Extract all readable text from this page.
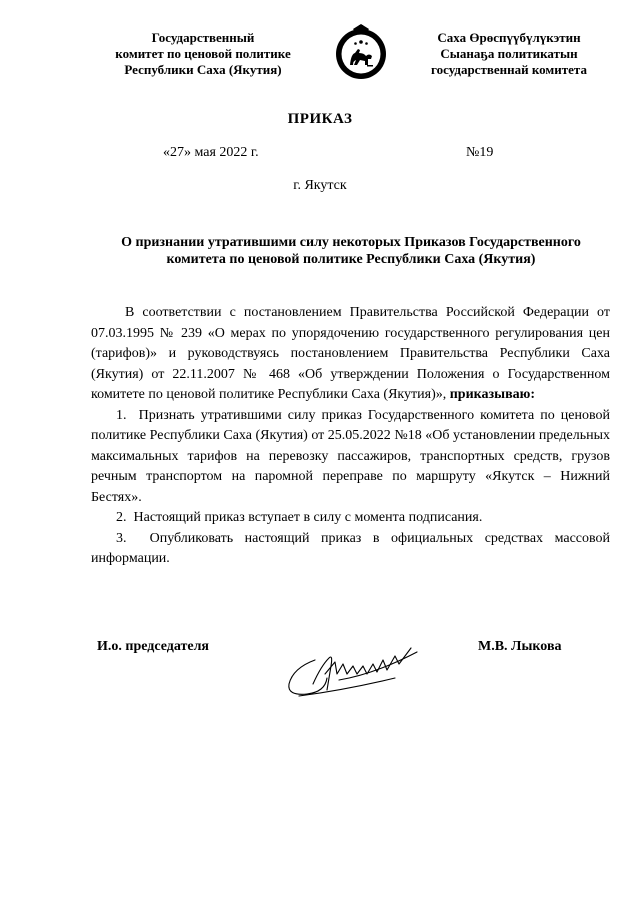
Государственный
комитет по ценовой политике
Республики Саха (Якутия)
Саха Өрөспүүбүлүкэтин
Сыанаҕа политикатын
государственнай комитета
ПРИКАЗ
«27» мая 2022 г.	№19
г. Якутск
О признании утратившими силу некоторых Приказов Государственного комитета по ценовой политике Республики Саха (Якутия)

В соответствии с постановлением Правительства Российской Федерации от 07.03.1995 № 239 «О мерах по упорядочению государственного регулирования цен (тарифов)» и руководствуясь постановлением Правительства Республики Саха (Якутия) от 22.11.2007 № 468 «Об утверждении Положения о Государственном комитете по ценовой политике Республики Саха (Якутия)», приказываю:

1. Признать утратившими силу приказ Государственного комитета по ценовой политике Республики Саха (Якутия) от 25.05.2022 №18 «Об установлении предельных максимальных тарифов на перевозку пассажиров, транспортных средств, грузов речным транспортом на паромной переправе по маршруту «Якутск – Нижний Бестях».

2. Настоящий приказ вступает в силу с момента подписания.

3. Опубликовать настоящий приказ в официальных средствах массовой информации.

И.о. председателя	М.В. Лыкова
